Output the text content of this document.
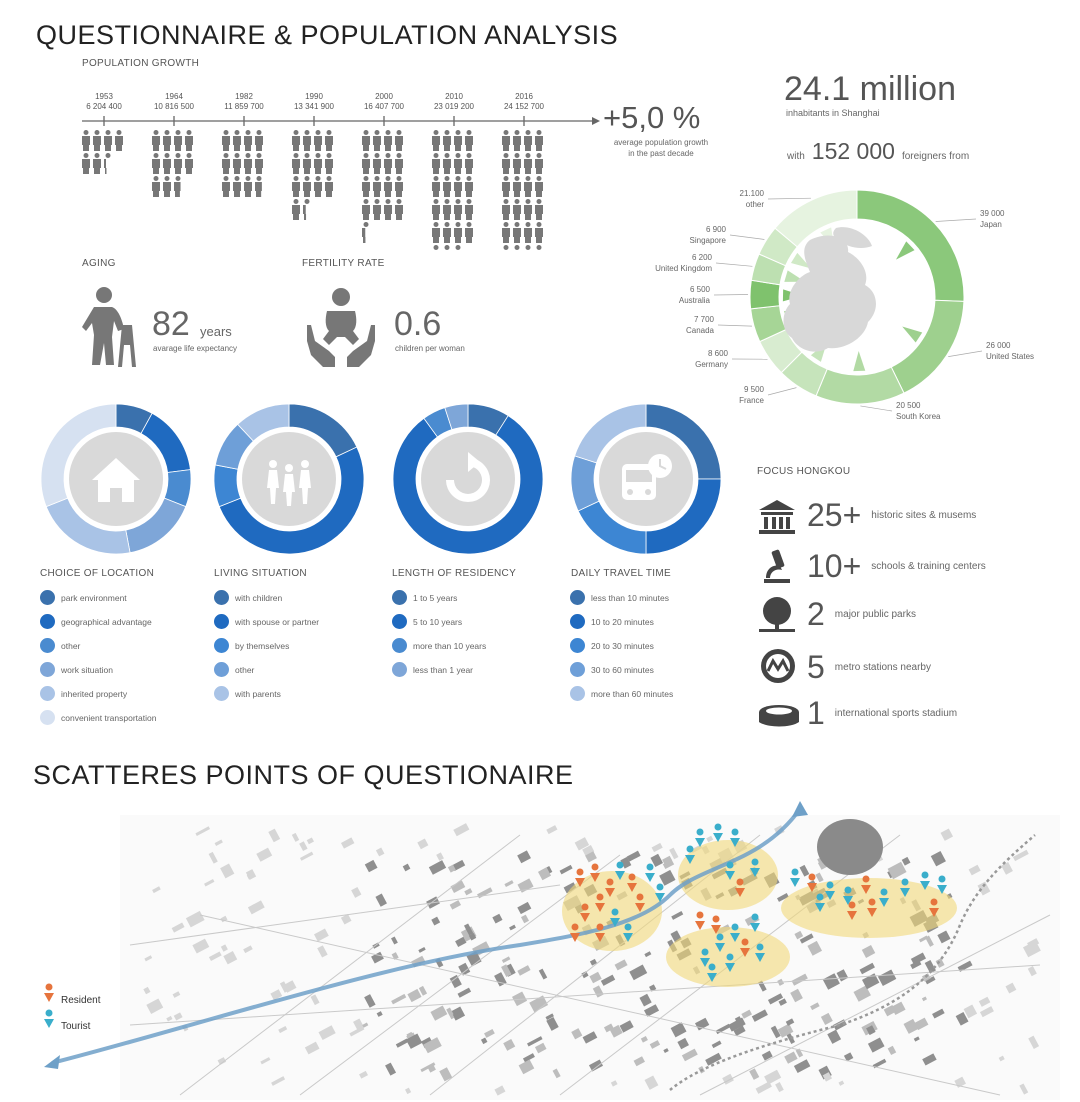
QUESTIONNAIRE & POPULATION ANALYSIS
POPULATION GROWTH
1953
6 204 400
1964
10 816 500
1982
11 859 700
1990
13 341 900
2000
16 407 700
2010
23 019 200
2016
24 152 700	+5,0 %
average population growth
in the past decade
24.1 million
inhabitants in Shanghai
with 152 000 foreigners from
39 000
Japan
26 000
United States
20 500
South Korea
9 500
France
8 600
Germany
7 700
Canada
6 500
Australia
6 200
United Kingdom
6 900
Singapore
21.100
other
AGING
82 years
avarage life expectancy
FERTILITY RATE
0.6
children per woman
CHOICE OF LOCATION	LIVING SITUATION	LENGTH OF RESIDENCY	DAILY TRAVEL TIME
park environment
geographical advantage
other
work situation
inherited property
convenient transportation
with children
with spouse or partner
by themselves
other
with parents
1 to 5 years
5 to 10 years
more than 10 years
less than 1 year
less than 10 minutes
10 to 20 minutes
20 to 30 minutes
30 to 60 minutes
more than 60 minutes
FOCUS HONGKOU
25+ historic sites & musems
10+ schools & training centers
2 major public parks
5 metro stations nearby
1 international sports stadium
SCATTERES POINTS OF QUESTIONAIRE
Resident
Tourist
